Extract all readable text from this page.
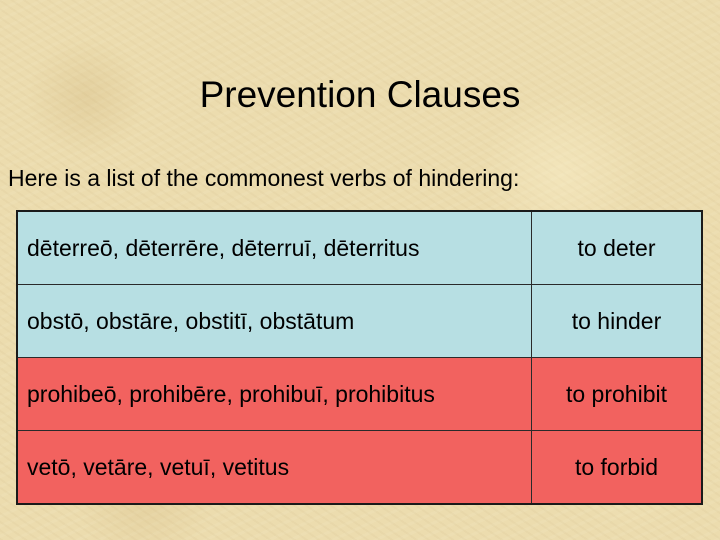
Prevention Clauses
Here is a list of the commonest verbs of hindering:
dēterreō, dēterrēre, dēterruī, dēterritus	to deter
obstō, obstāre, obstitī, obstātum	to hinder
prohibeō, prohibēre, prohibuī, prohibitus	to prohibit
vetō, vetāre, vetuī, vetitus	to forbid
